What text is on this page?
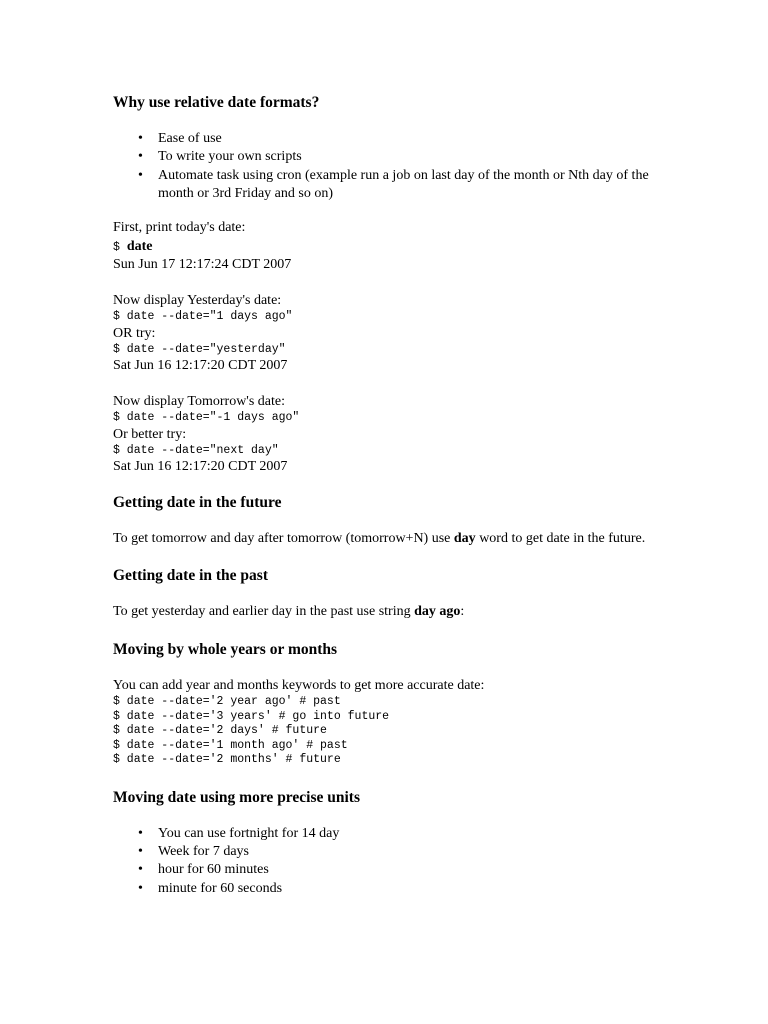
Why use relative date formats?
• Ease of use
• To write your own scripts
• Automate task using cron (example run a job on last day of the month or Nth day of the month or 3rd Friday and so on)
First, print today's date:
$ date
Sun Jun 17 12:17:24 CDT 2007
Now display Yesterday's date:
$ date --date="1 days ago"
OR try:
$ date --date="yesterday"
Sat Jun 16 12:17:20 CDT 2007
Now display Tomorrow's date:
$ date --date="-1 days ago"
Or better try:
$ date --date="next day"
Sat Jun 16 12:17:20 CDT 2007
Getting date in the future
To get tomorrow and day after tomorrow (tomorrow+N) use day word to get date in the future.
Getting date in the past
To get yesterday and earlier day in the past use string day ago:
Moving by whole years or months
You can add year and months keywords to get more accurate date:
$ date --date='2 year ago' # past
$ date --date='3 years' # go into future
$ date --date='2 days' # future
$ date --date='1 month ago' # past
$ date --date='2 months' # future
Moving date using more precise units
• You can use fortnight for 14 day
• Week for 7 days
• hour for 60 minutes
• minute for 60 seconds
